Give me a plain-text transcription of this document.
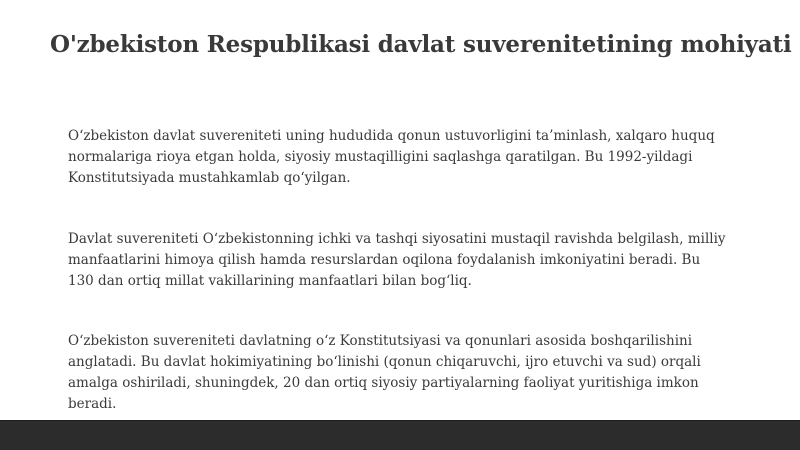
O'zbekiston Respublikasi davlat suverenitetining mohiyati

O‘zbekiston davlat suvereniteti uning hududida qonun ustuvorligini ta’minlash, xalqaro huquq normalariga rioya etgan holda, siyosiy mustaqilligini saqlashga qaratilgan. Bu 1992-yildagi Konstitutsiyada mustahkamlab qo‘yilgan.

Davlat suvereniteti O‘zbekistonning ichki va tashqi siyosatini mustaqil ravishda belgilash, milliy manfaatlarini himoya qilish hamda resurslardan oqilona foydalanish imkoniyatini beradi. Bu 130 dan ortiq millat vakillarining manfaatlari bilan bog‘liq.

O‘zbekiston suvereniteti davlatning o‘z Konstitutsiyasi va qonunlari asosida boshqarilishini anglatadi. Bu davlat hokimiyatining bo‘linishi (qonun chiqaruvchi, ijro etuvchi va sud) orqali amalga oshiriladi, shuningdek, 20 dan ortiq siyosiy partiyalarning faoliyat yuritishiga imkon beradi.
